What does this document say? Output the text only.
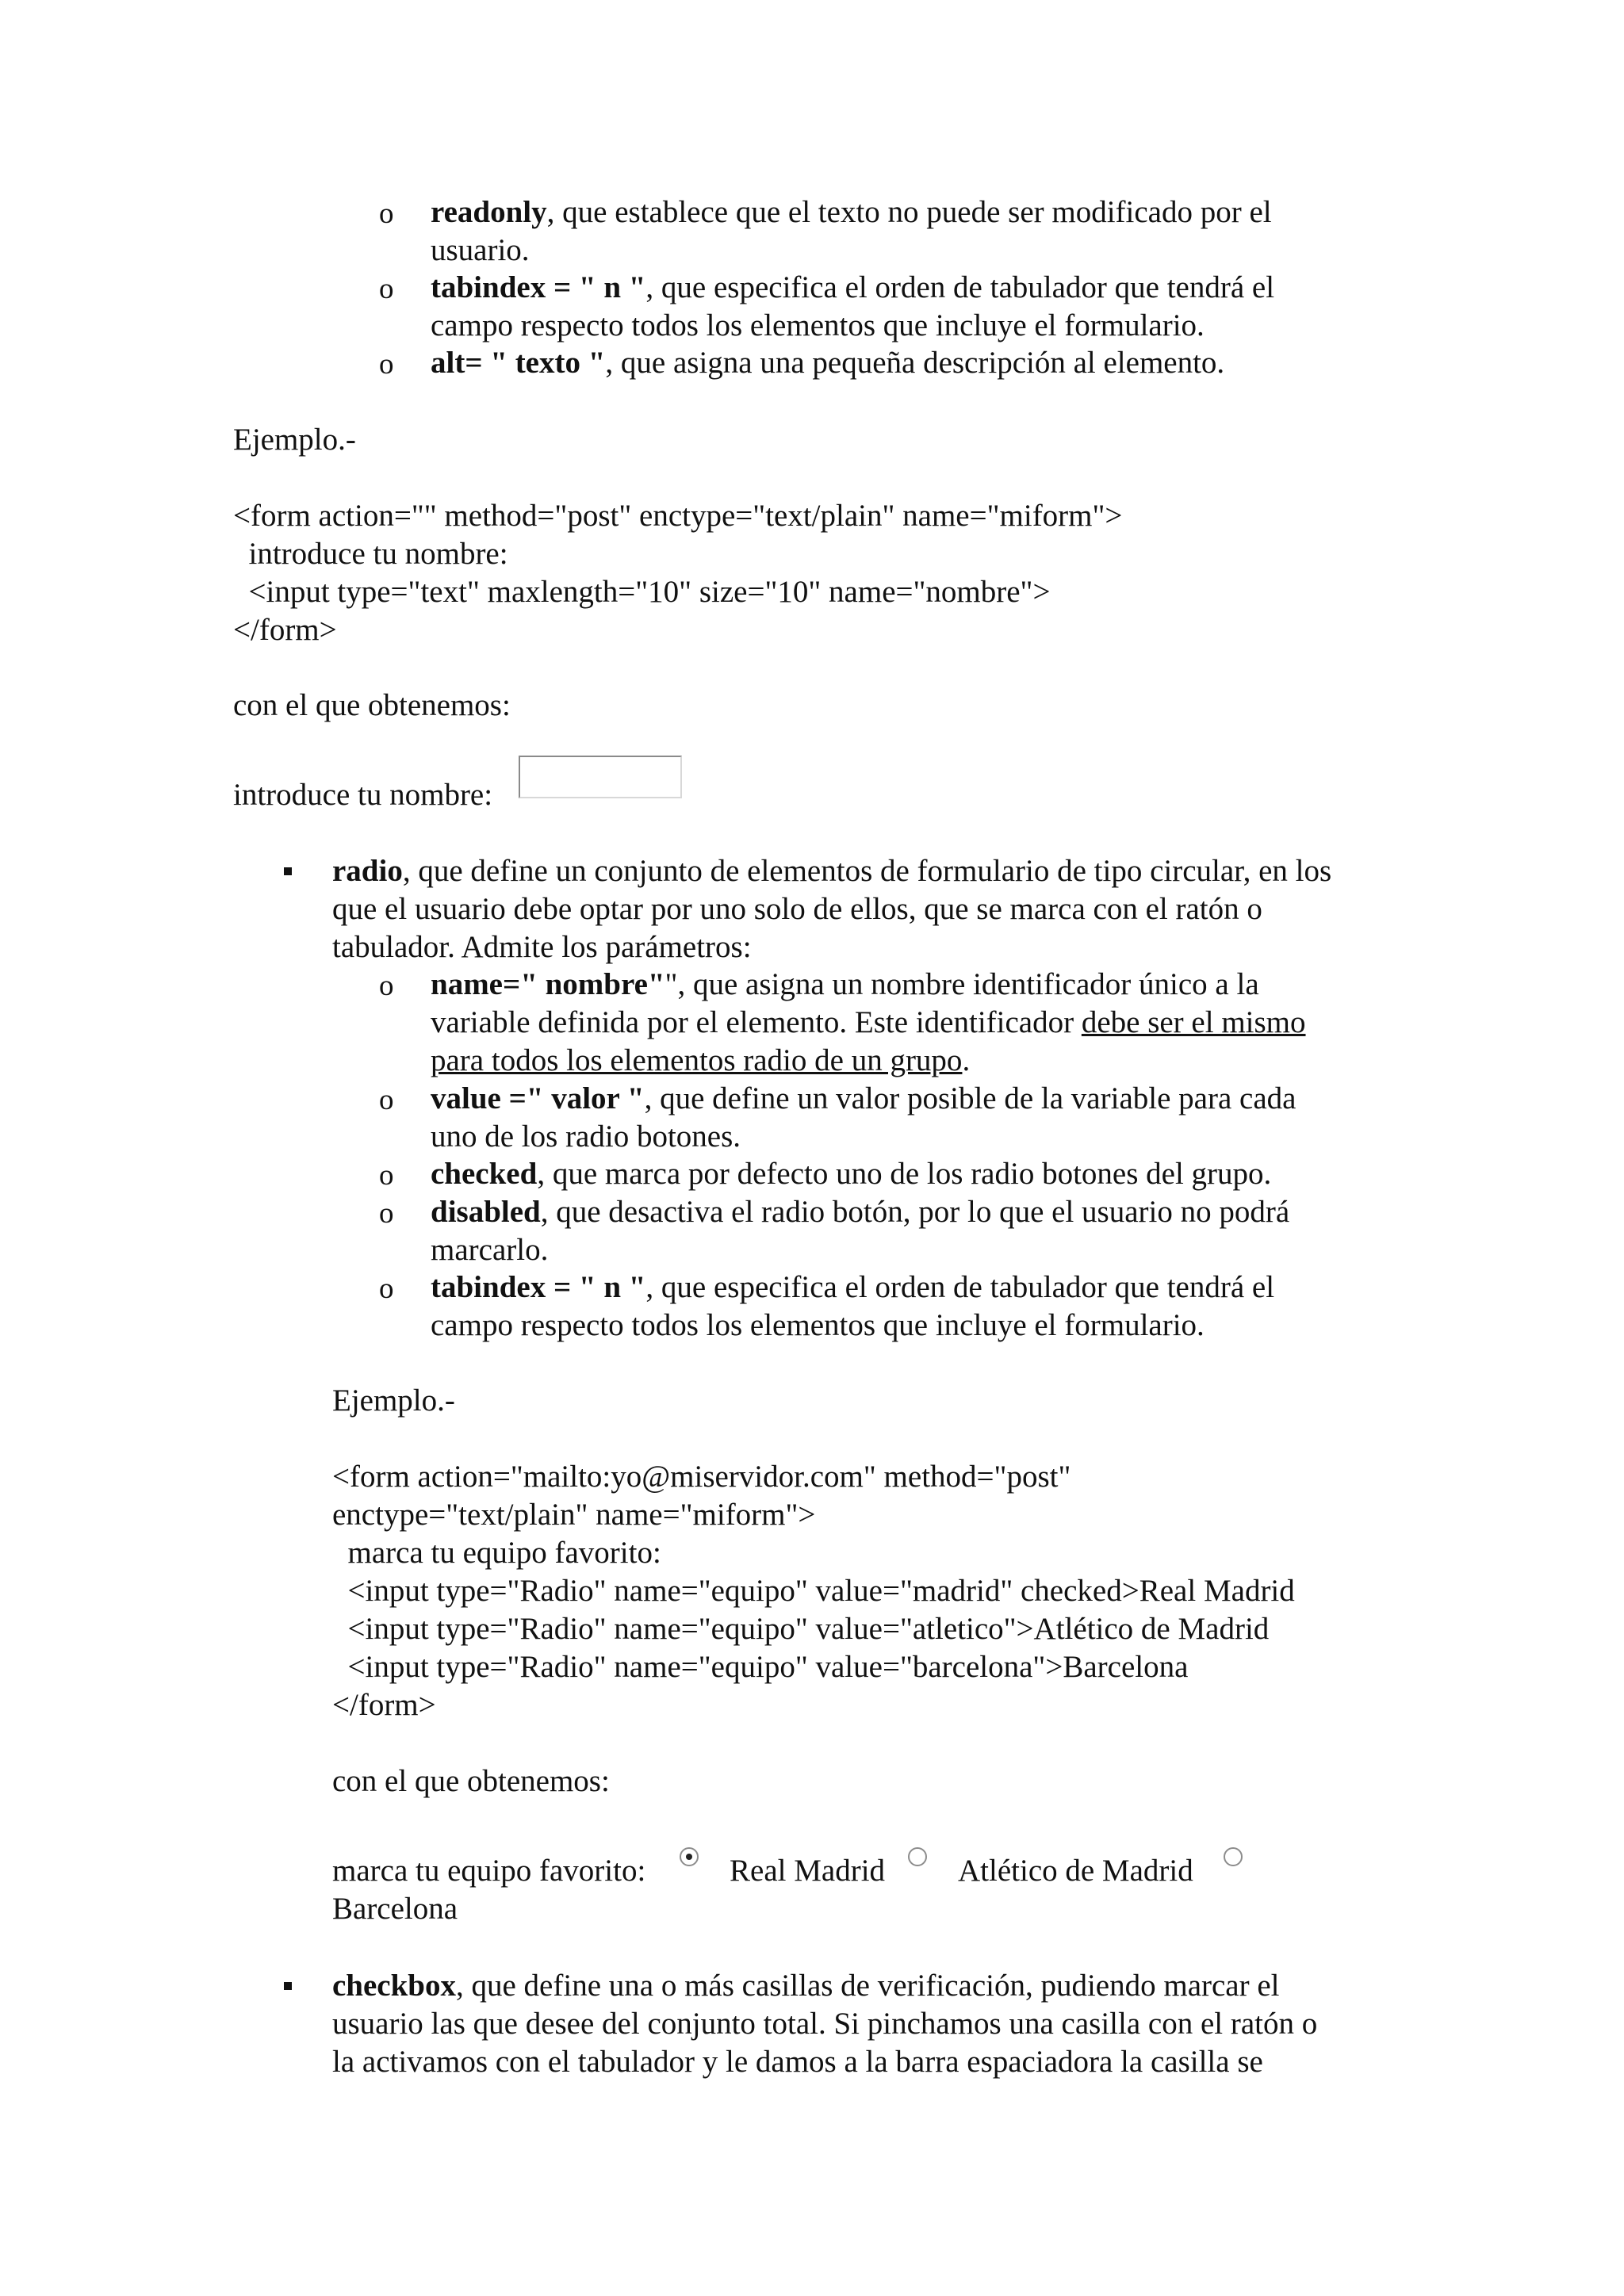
o readonly, que establece que el texto no puede ser modificado por el
usuario.
o tabindex = " n ", que especifica el orden de tabulador que tendrá el
campo respecto todos los elementos que incluye el formulario.
o alt= " texto ", que asigna una pequeña descripción al elemento.
Ejemplo.-
<form action="" method="post" enctype="text/plain" name="miform">
introduce tu nombre:
<input type="text" maxlength="10" size="10" name="nombre">
</form>
con el que obtenemos:
introduce tu nombre:
radio, que define un conjunto de elementos de formulario de tipo circular, en los
que el usuario debe optar por uno solo de ellos, que se marca con el ratón o
tabulador. Admite los parámetros:
o name=" nombre"", que asigna un nombre identificador único a la
variable definida por el elemento. Este identificador debe ser el mismo
para todos los elementos radio de un grupo.
o value =" valor ", que define un valor posible de la variable para cada
uno de los radio botones.
o checked, que marca por defecto uno de los radio botones del grupo.
o disabled, que desactiva el radio botón, por lo que el usuario no podrá
marcarlo.
o tabindex = " n ", que especifica el orden de tabulador que tendrá el
campo respecto todos los elementos que incluye el formulario.
Ejemplo.-
<form action="mailto:yo@miservidor.com" method="post"
enctype="text/plain" name="miform">
marca tu equipo favorito:
<input type="Radio" name="equipo" value="madrid" checked>Real Madrid
<input type="Radio" name="equipo" value="atletico">Atlético de Madrid
<input type="Radio" name="equipo" value="barcelona">Barcelona
</form>
con el que obtenemos:
marca tu equipo favorito:	Real Madrid Atlético de Madrid
Barcelona
checkbox, que define una o más casillas de verificación, pudiendo marcar el
usuario las que desee del conjunto total. Si pinchamos una casilla con el ratón o
la activamos con el tabulador y le damos a la barra espaciadora la casilla se
